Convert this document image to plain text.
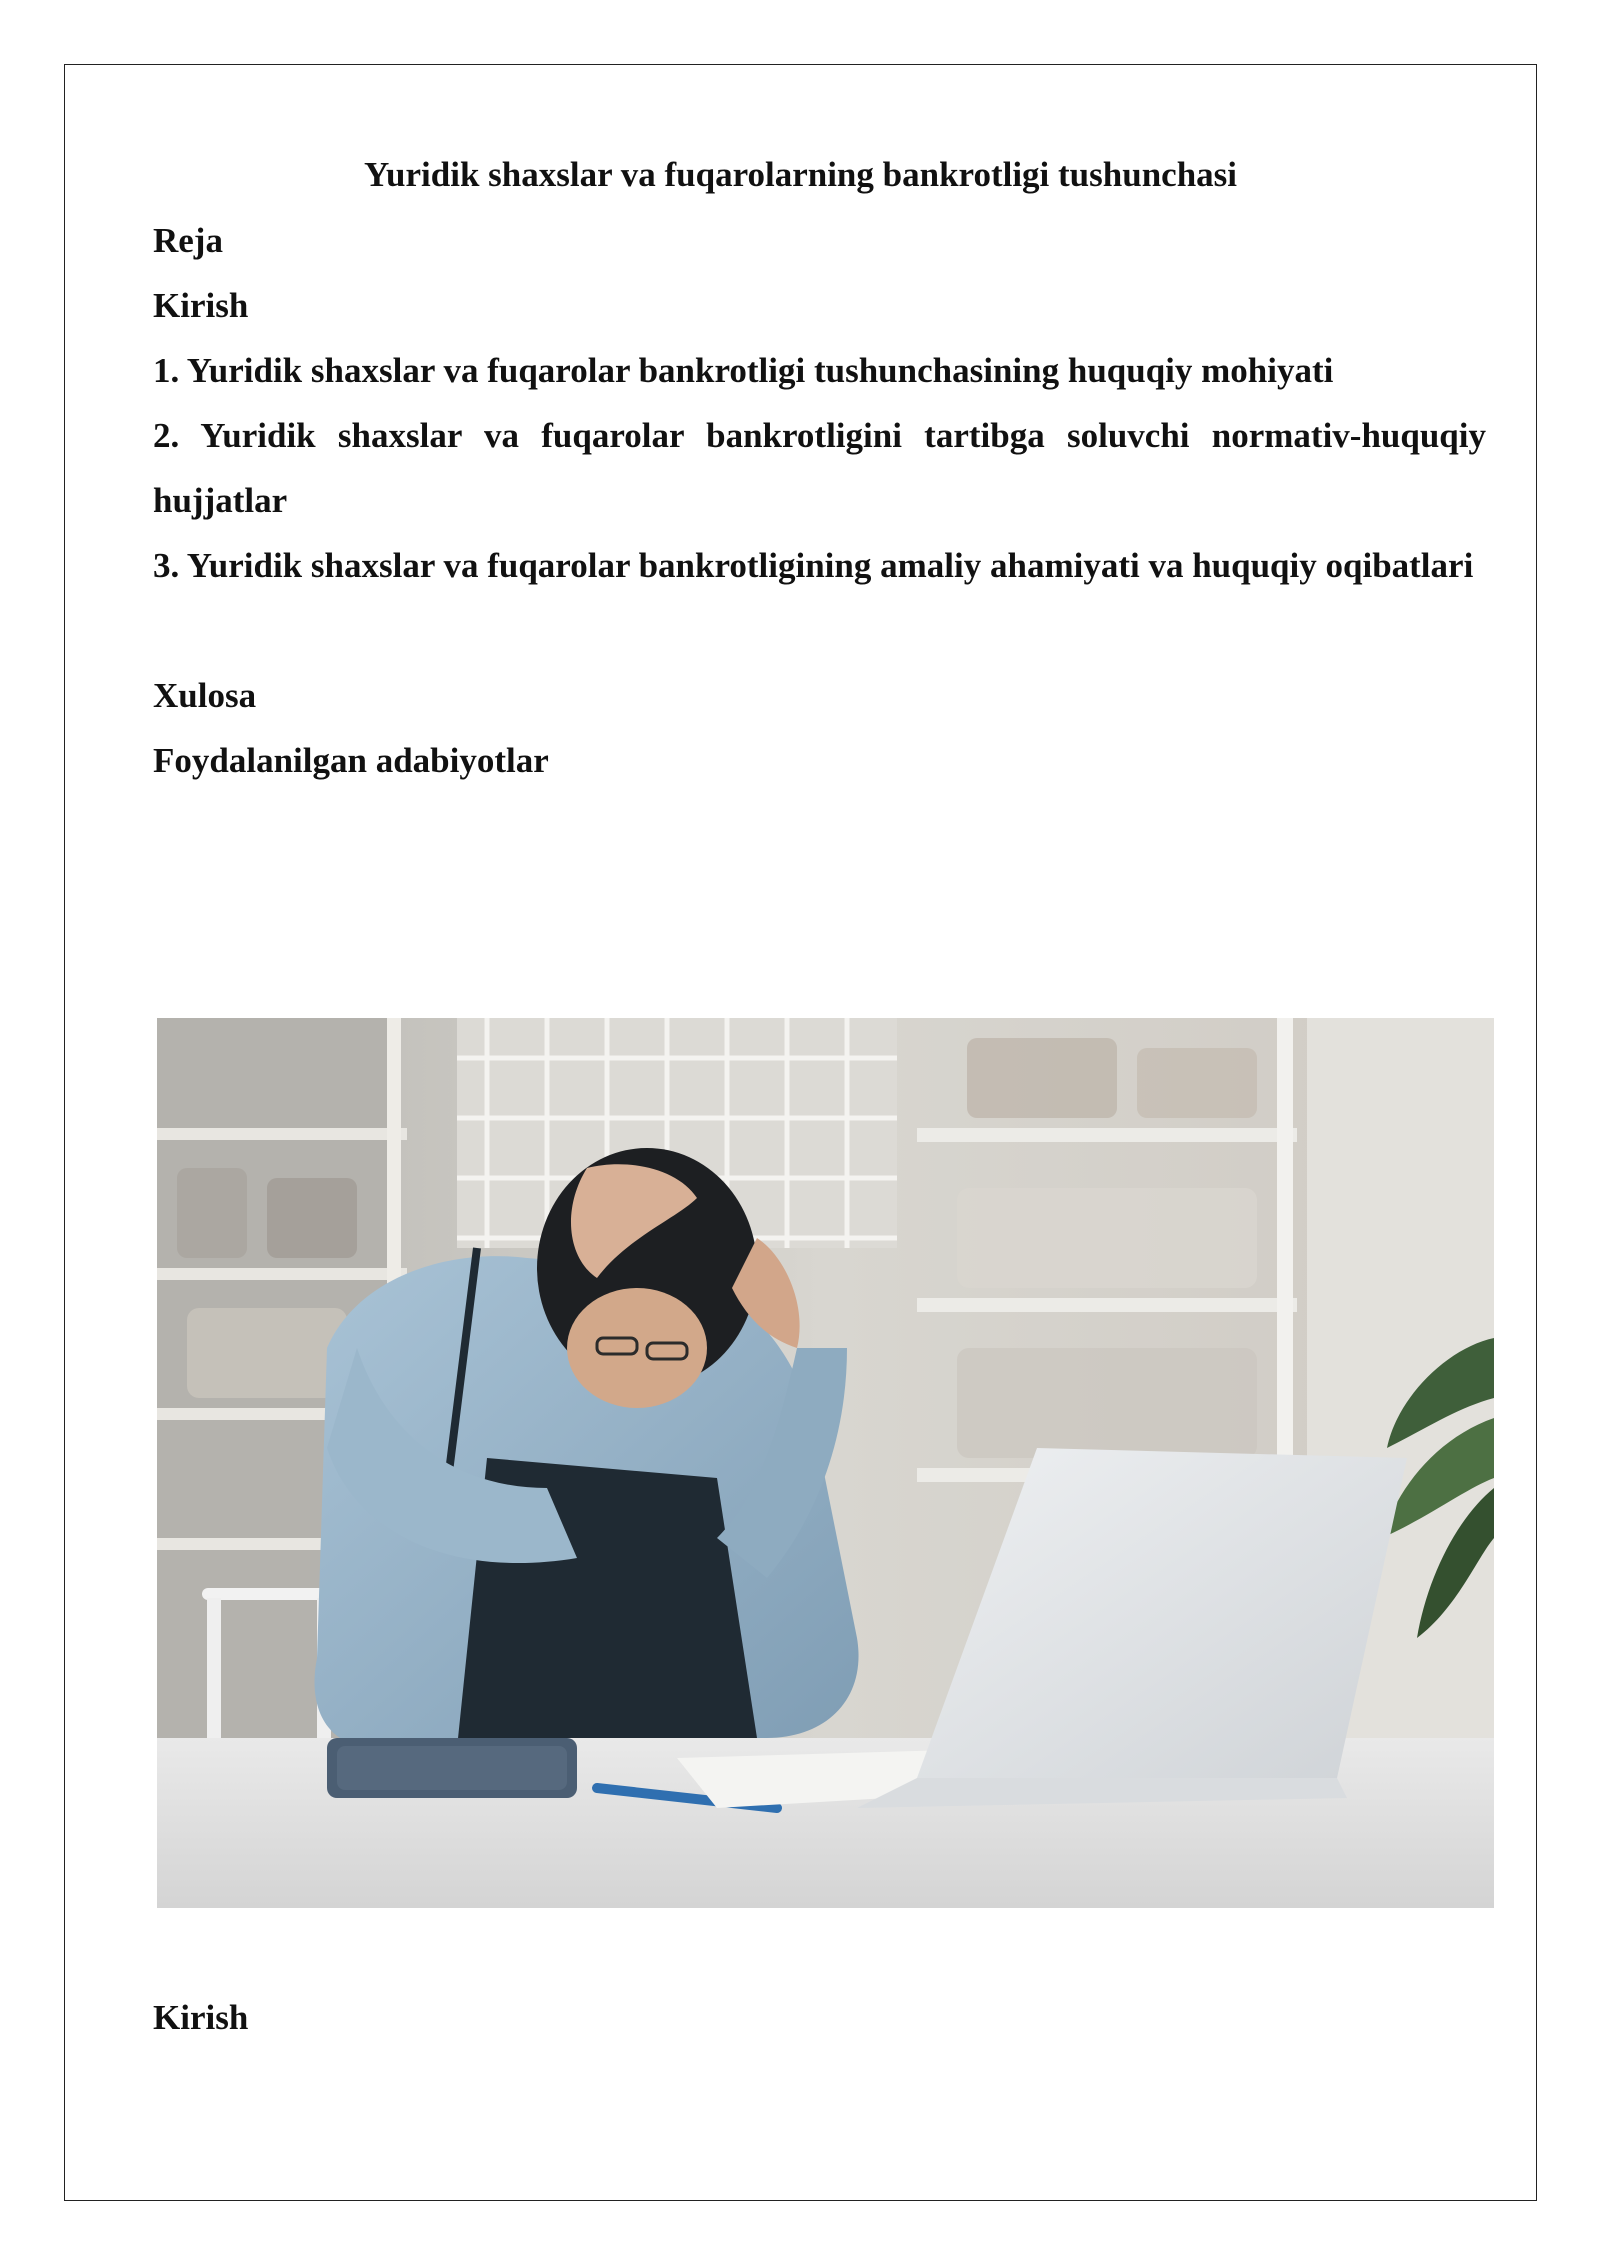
Yuridik shaxslar va fuqarolarning bankrotligi tushunchasi

Reja

Kirish

1. Yuridik shaxslar va fuqarolar bankrotligi tushunchasining huquqiy mohiyati

2. Yuridik shaxslar va fuqarolar bankrotligini tartibga soluvchi normativ-huquqiy hujjatlar

3. Yuridik shaxslar va fuqarolar bankrotligining amaliy ahamiyati va huquqiy oqibatlari

Xulosa

Foydalanilgan adabiyotlar

Kirish
